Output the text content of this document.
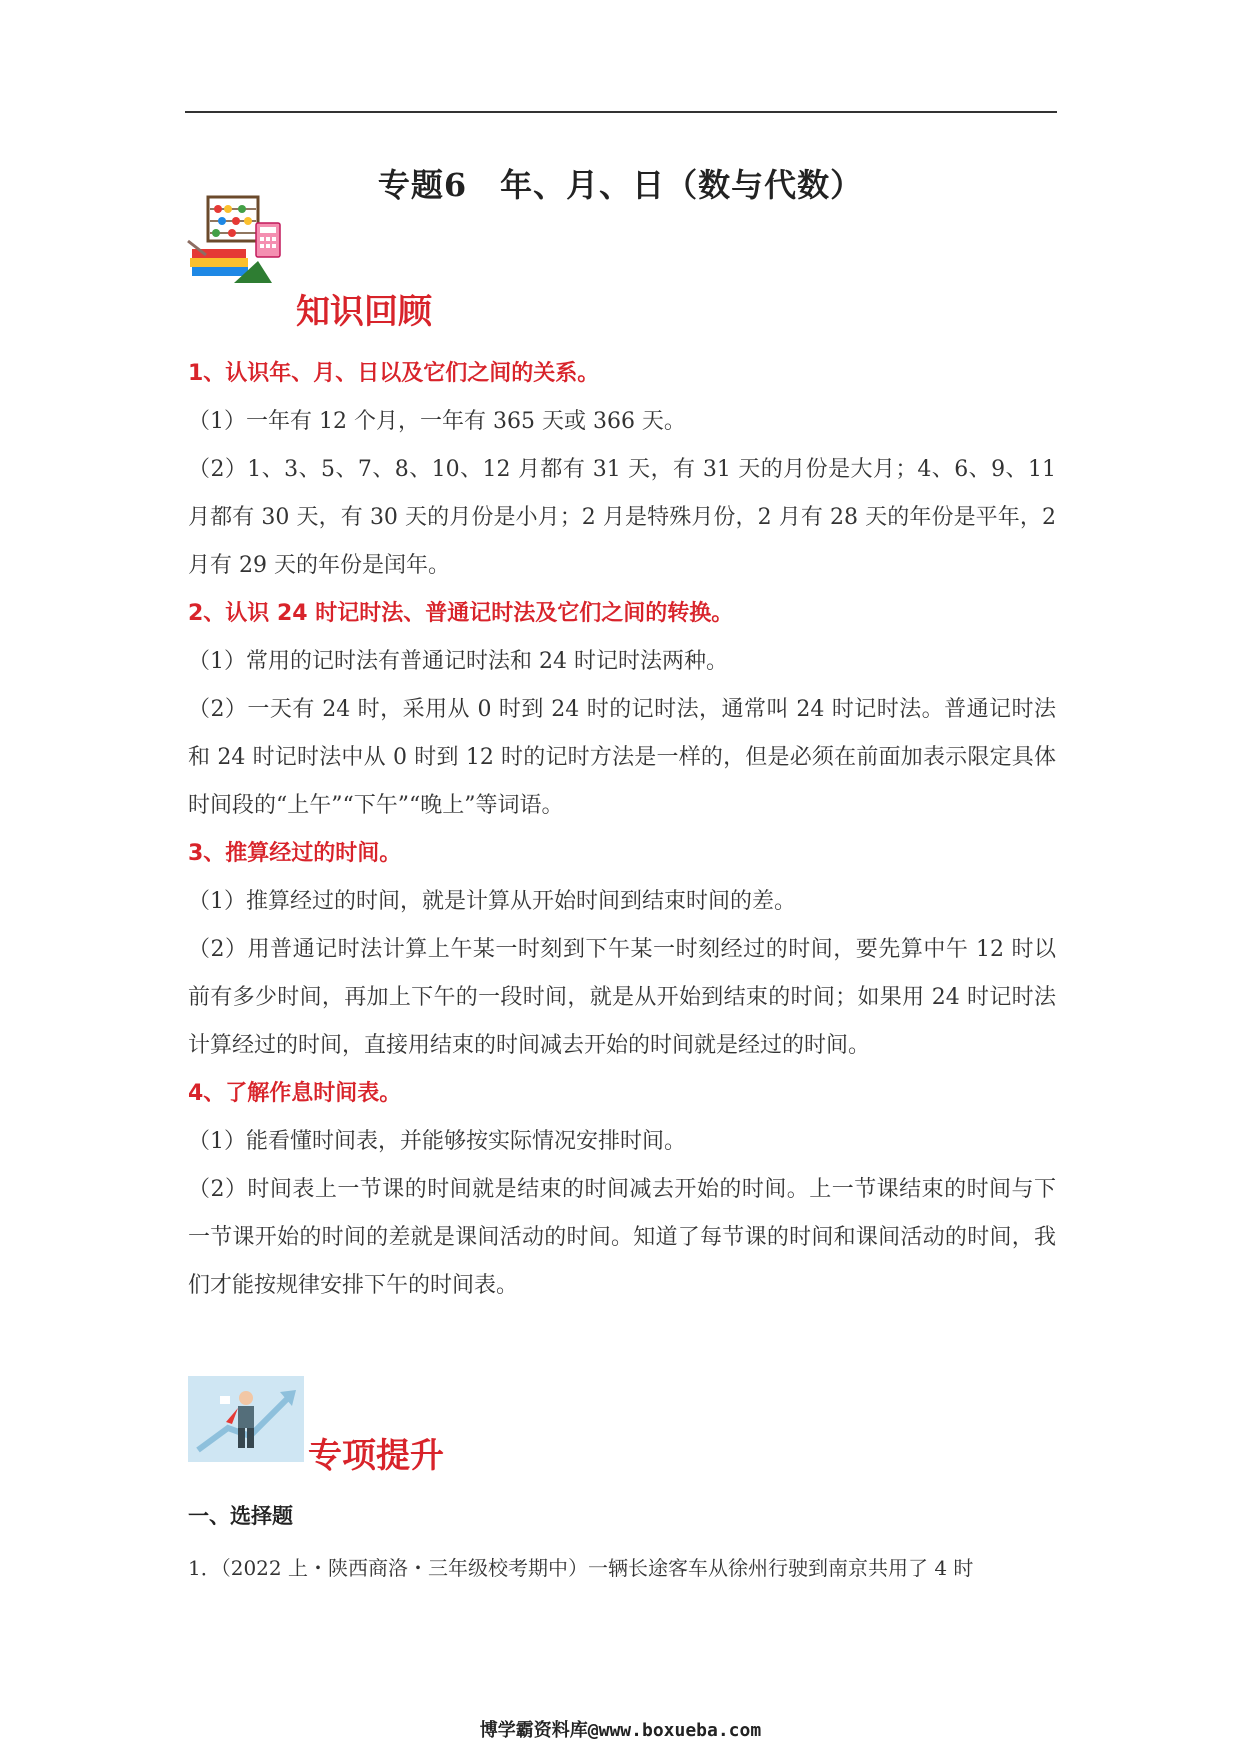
专题6　年、月、日（数与代数）
知识回顾
1、认识年、月、日以及它们之间的关系。
（1）一年有 12 个月，一年有 365 天或 366 天。
（2）1、3、5、7、8、10、12 月都有 31 天，有 31 天的月份是大月；4、6、9、11 月都有 30 天，有 30 天的月份是小月；2 月是特殊月份，2 月有 28 天的年份是平年，2 月有 29 天的年份是闰年。
2、认识 24 时记时法、普通记时法及它们之间的转换。
（1）常用的记时法有普通记时法和 24 时记时法两种。
（2）一天有 24 时，采用从 0 时到 24 时的记时法，通常叫 24 时记时法。普通记时法和 24 时记时法中从 0 时到 12 时的记时方法是一样的，但是必须在前面加表示限定具体时间段的“上午”“下午”“晚上”等词语。
3、推算经过的时间。
（1）推算经过的时间，就是计算从开始时间到结束时间的差。
（2）用普通记时法计算上午某一时刻到下午某一时刻经过的时间，要先算中午 12 时以前有多少时间，再加上下午的一段时间，就是从开始到结束的时间；如果用 24 时记时法计算经过的时间，直接用结束的时间减去开始的时间就是经过的时间。
4、了解作息时间表。
（1）能看懂时间表，并能够按实际情况安排时间。
（2）时间表上一节课的时间就是结束的时间减去开始的时间。上一节课结束的时间与下一节课开始的时间的差就是课间活动的时间。知道了每节课的时间和课间活动的时间，我们才能按规律安排下午的时间表。
专项提升
一、选择题
1．（2022 上・陕西商洛・三年级校考期中）一辆长途客车从徐州行驶到南京共用了 4 时
博学霸资料库@www.boxueba.com
